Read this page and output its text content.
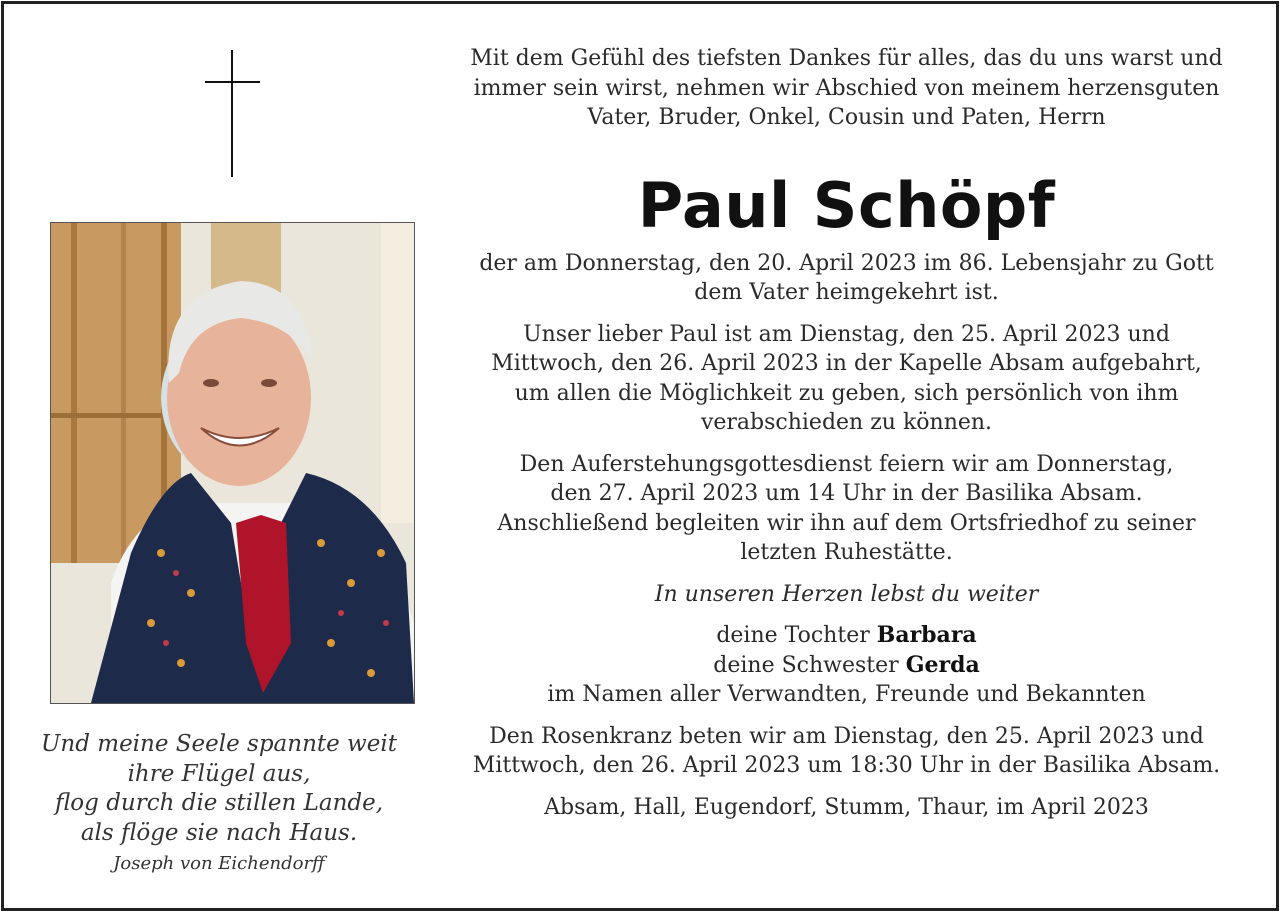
Und meine Seele spannte weit
ihre Flügel aus,
flog durch die stillen Lande,
als flöge sie nach Haus.
Joseph von Eichendorff

Mit dem Gefühl des tiefsten Dankes für alles, das du uns warst und

immer sein wirst, nehmen wir Abschied von meinem herzensguten

Vater, Bruder, Onkel, Cousin und Paten, Herrn

Paul Schöpf

der am Donnerstag, den 20. April 2023 im 86. Lebensjahr zu Gott

dem Vater heimgekehrt ist.

Unser lieber Paul ist am Dienstag, den 25. April 2023 und

Mittwoch, den 26. April 2023 in der Kapelle Absam aufgebahrt,

um allen die Möglichkeit zu geben, sich persönlich von ihm

verabschieden zu können.

Den Auferstehungsgottesdienst feiern wir am Donnerstag,

den 27. April 2023 um 14 Uhr in der Basilika Absam.

Anschließend begleiten wir ihn auf dem Ortsfriedhof zu seiner

letzten Ruhestätte.

In unseren Herzen lebst du weiter

deine Tochter Barbara

deine Schwester Gerda

im Namen aller Verwandten, Freunde und Bekannten

Den Rosenkranz beten wir am Dienstag, den 25. April 2023 und

Mittwoch, den 26. April 2023 um 18:30 Uhr in der Basilika Absam.

Absam, Hall, Eugendorf, Stumm, Thaur, im April 2023
